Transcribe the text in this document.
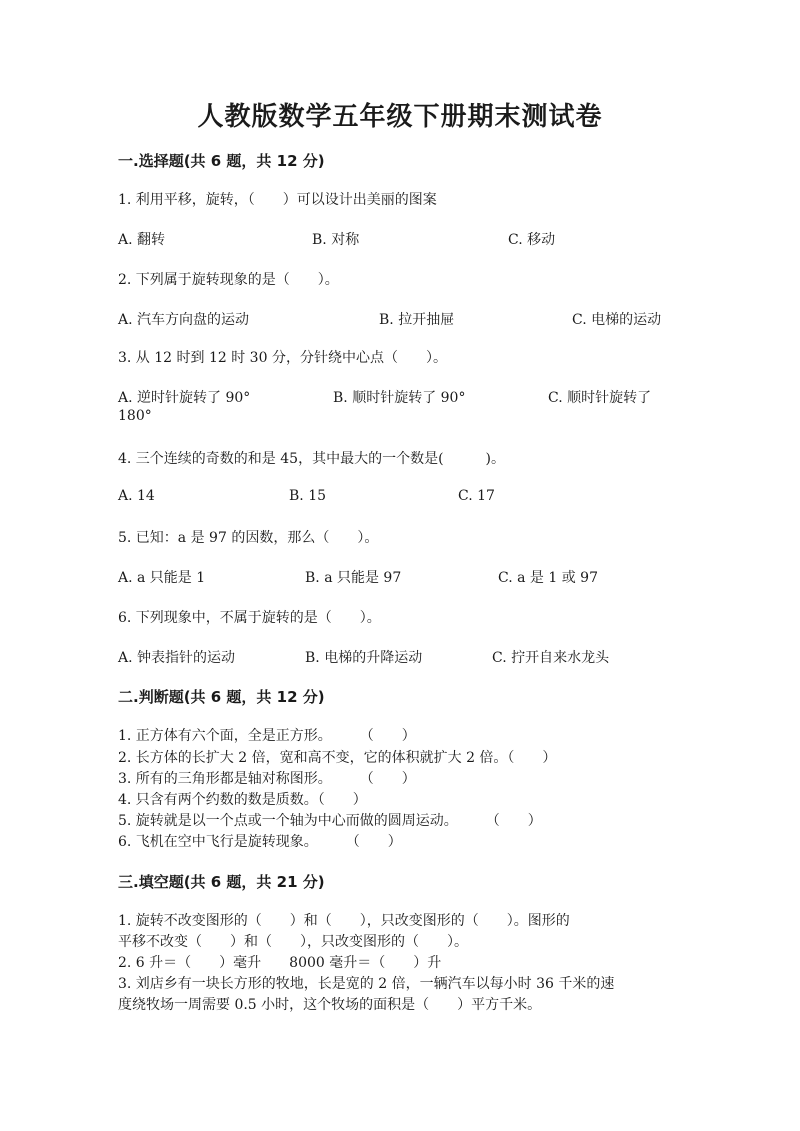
人教版数学五年级下册期末测试卷
一.选择题(共 6 题，共 12 分)
1. 利用平移，旋转，（　　）可以设计出美丽的图案
A. 翻转	B. 对称	C. 移动
2. 下列属于旋转现象的是（　　）。
A. 汽车方向盘的运动	B. 拉开抽屉	C. 电梯的运动
3. 从 12 时到 12 时 30 分，分针绕中心点（　　）。
A. 逆时针旋转了 90°	B. 顺时针旋转了 90°	C. 顺时针旋转了
180°
4. 三个连续的奇数的和是 45，其中最大的一个数是(　　　)。
A. 14	B. 15	C. 17
5. 已知：a 是 97 的因数，那么（　　）。
A. a 只能是 1	B. a 只能是 97	C. a 是 1 或 97
6. 下列现象中，不属于旋转的是（　　）。
A. 钟表指针的运动	B. 电梯的升降运动	C. 拧开自来水龙头
二.判断题(共 6 题，共 12 分)
1. 正方体有六个面，全是正方形。　　　（　　）
2. 长方体的长扩大 2 倍，宽和高不变，它的体积就扩大 2 倍。（　　）
3. 所有的三角形都是轴对称图形。　　　（　　）
4. 只含有两个约数的数是质数。（　　）
5. 旋转就是以一个点或一个轴为中心而做的圆周运动。　　　（　　）
6. 飞机在空中飞行是旋转现象。　　　（　　）
三.填空题(共 6 题，共 21 分)
1. 旋转不改变图形的（　　）和（　　），只改变图形的（　　）。图形的
平移不改变（　　）和（　　），只改变图形的（　　）。
2. 6 升＝（　　）毫升　　8000 毫升＝（　　）升
3. 刘店乡有一块长方形的牧地，长是宽的 2 倍，一辆汽车以每小时 36 千米的速
度绕牧场一周需要 0.5 小时，这个牧场的面积是（　　）平方千米。
